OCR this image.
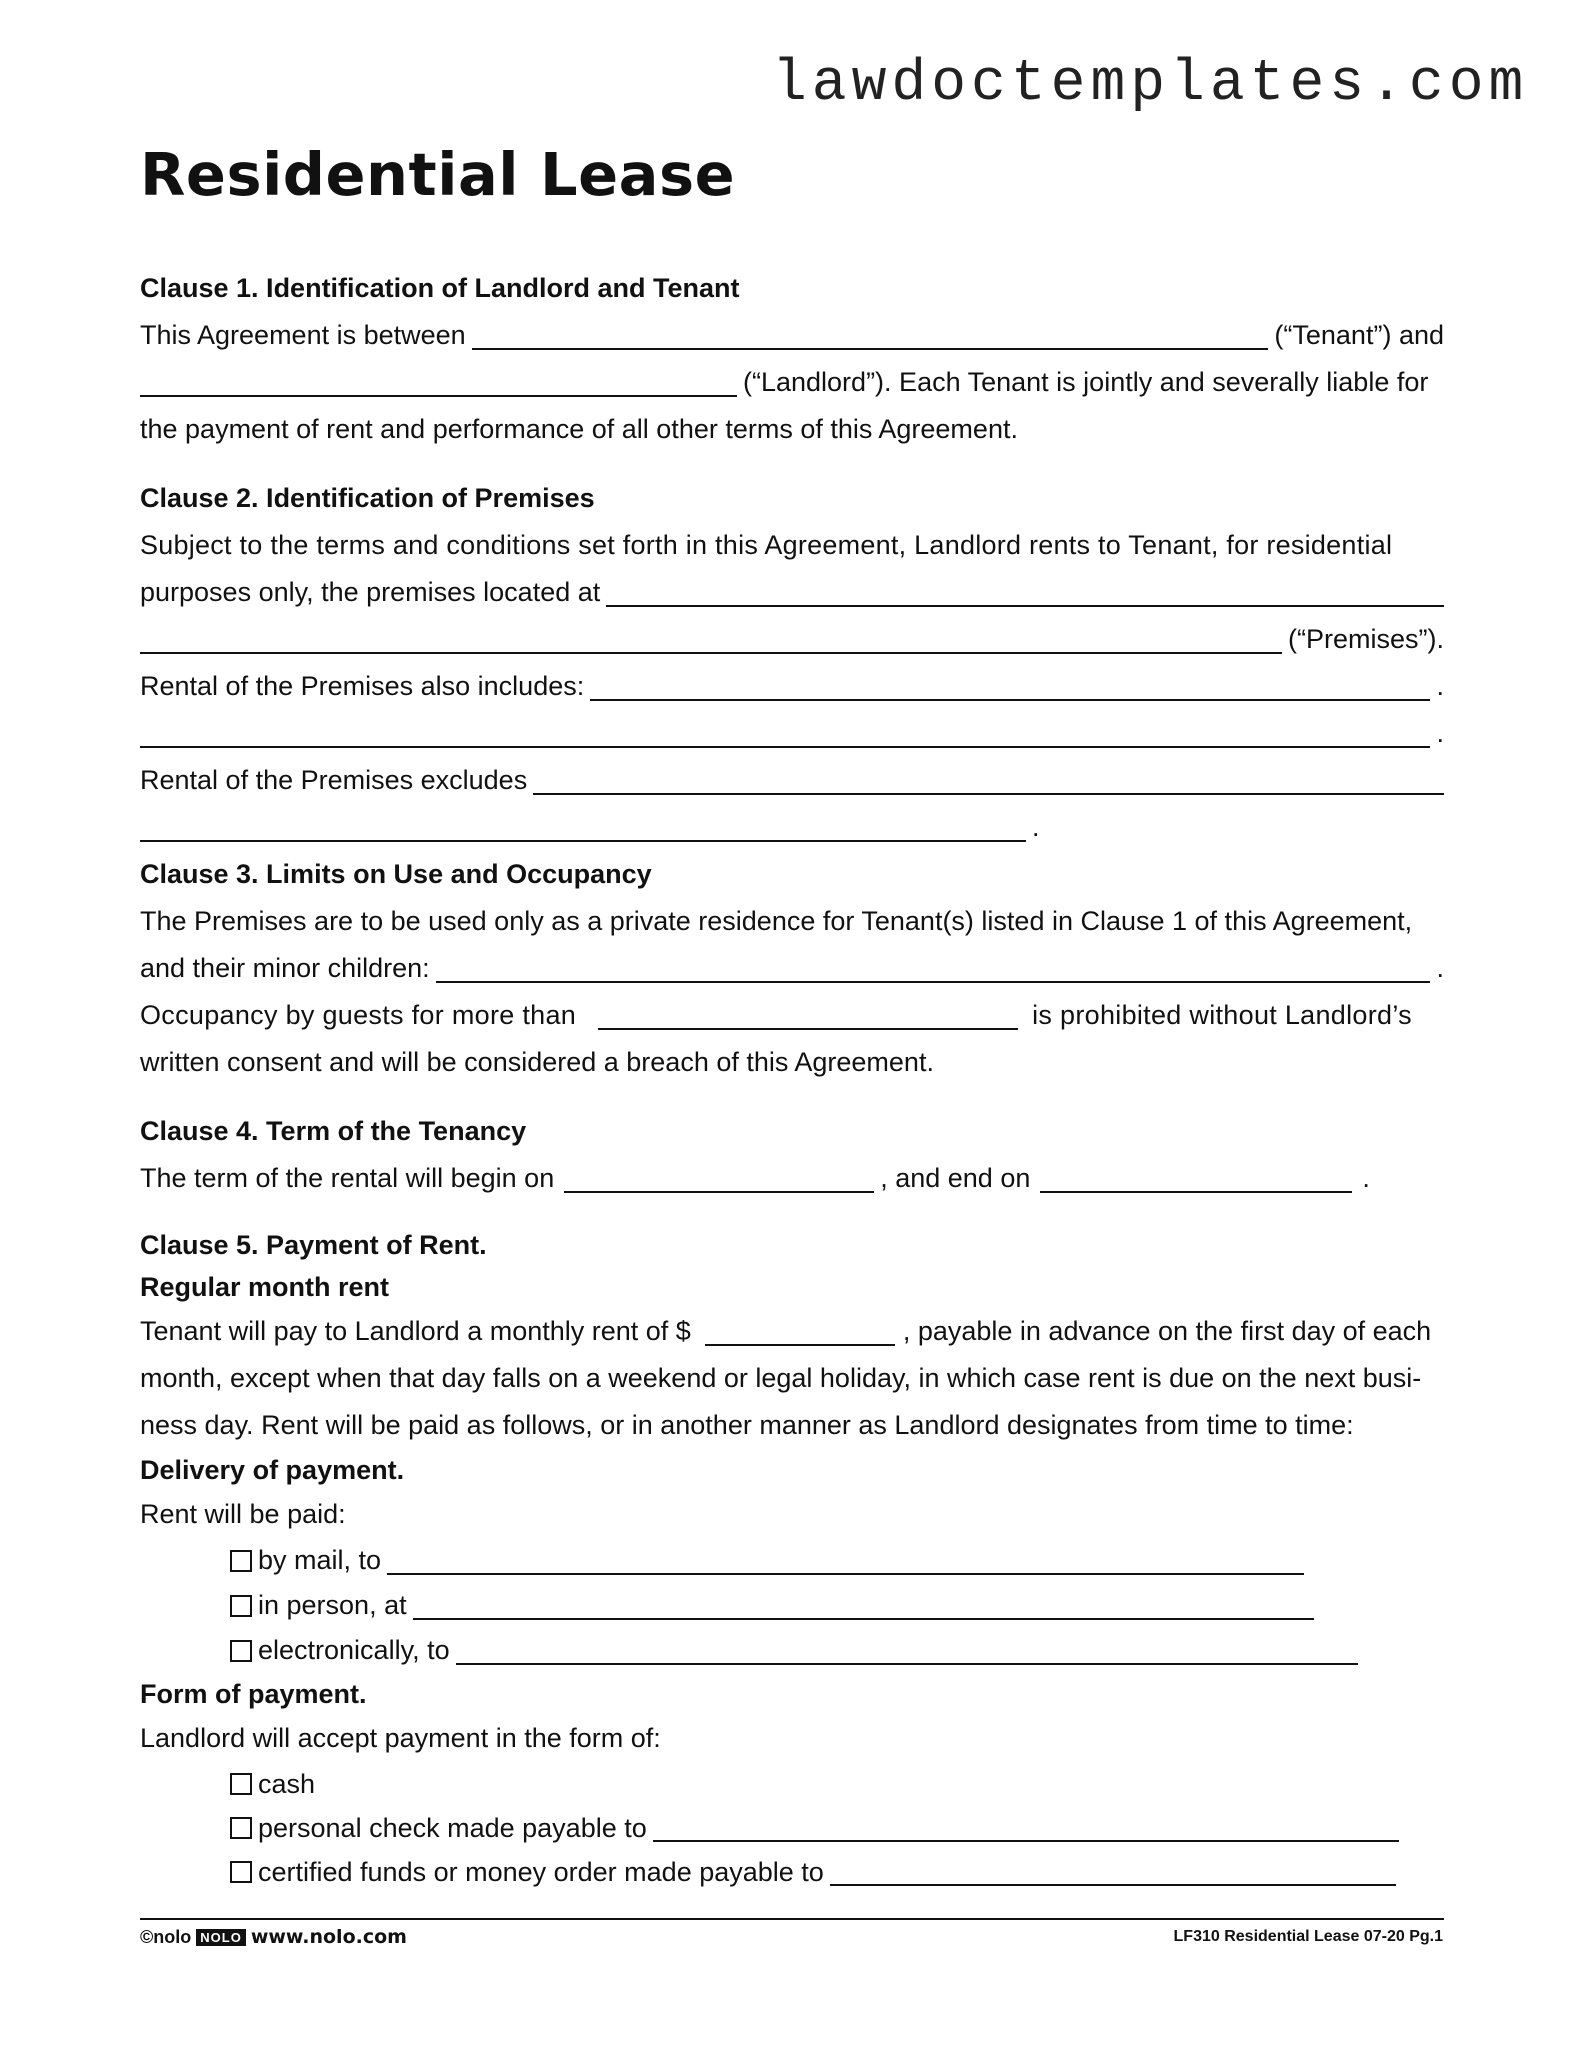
lawdoctemplates.com
Residential Lease
Clause 1. Identification of Landlord and Tenant
This Agreement is between	(“Tenant”) and
(“Landlord”). Each Tenant is jointly and severally liable for
the payment of rent and performance of all other terms of this Agreement.
Clause 2. Identification of Premises
Subject to the terms and conditions set forth in this Agreement, Landlord rents to Tenant, for residential
purposes only, the premises located at
(“Premises”).
Rental of the Premises also includes:	.
.
Rental of the Premises excludes
.
Clause 3. Limits on Use and Occupancy
The Premises are to be used only as a private residence for Tenant(s) listed in Clause 1 of this Agreement,
and their minor children:	.
Occupancy by guests for more than	is prohibited without Landlord’s
written consent and will be considered a breach of this Agreement.
Clause 4. Term of the Tenancy
The term of the rental will begin on	, and end on	.
Clause 5. Payment of Rent.
Regular month rent
Tenant will pay to Landlord a monthly rent of $	, payable in advance on the first day of each
month, except when that day falls on a weekend or legal holiday, in which case rent is due on the next busi-
ness day. Rent will be paid as follows, or in another manner as Landlord designates from time to time:
Delivery of payment.
Rent will be paid:
by mail, to
in person, at
electronically, to
Form of payment.
Landlord will accept payment in the form of:
cash
personal check made payable to
certified funds or money order made payable to
©nolo NOLO www.nolo.com	LF310 Residential Lease 07-20 Pg.1
